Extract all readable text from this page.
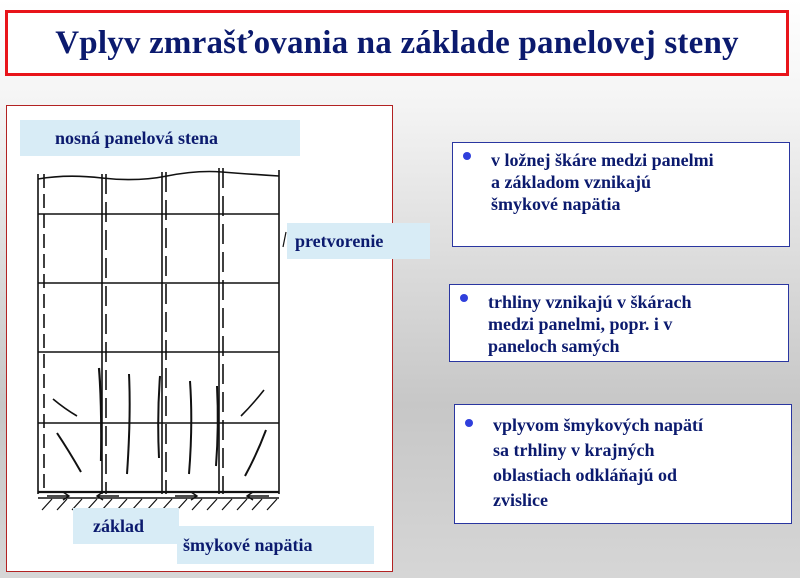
Vplyv zmrašťovania na základe panelovej steny
nosná panelová stena
pretvorenie
základ
šmykové napätia
v ložnej škáre medzi panelmi
a základom vznikajú
šmykové napätia
trhliny vznikajú v škárach
medzi panelmi, popr. i v
paneloch samých
vplyvom šmykových napätí
sa trhliny v krajných
oblastiach odkláňajú od
zvislice
